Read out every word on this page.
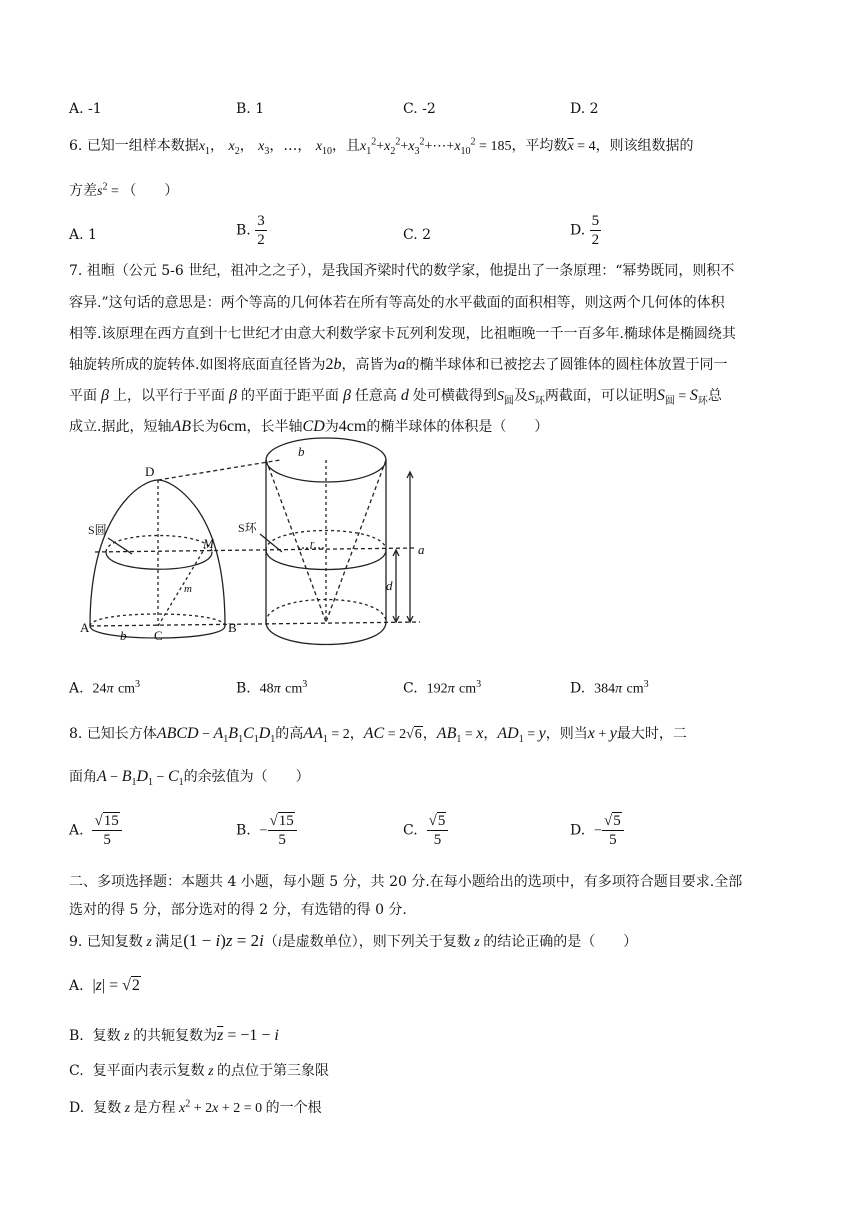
A. -1	B. 1	C. -2	D. 2
6. 已知一组样本数据$x_1$， $x_2$， $x_3$，…， $x_{10}$，且$x_1^2+x_2^2+x_3^2+\cdots+x_{10}^2 = 185$，平均数$\overline{x} = 4$，则该组数据的
方差$s^2$ = （　　）
A. 1	B. $\frac{3}{2}$	C. 2	D. $\frac{5}{2}$
7. 祖暅（公元 5-6 世纪，祖冲之之子），是我国齐梁时代的数学家，他提出了一条原理：“幂势既同，则积不
容异.”这句话的意思是：两个等高的几何体若在所有等高处的水平截面的面积相等，则这两个几何体的体积
相等.该原理在西方直到十七世纪才由意大利数学家卡瓦列利发现，比祖暅晚一千一百多年.椭球体是椭圆绕其
轴旋转所成的旋转体.如图将底面直径皆为2b，高皆为a的椭半球体和已被挖去了圆锥体的圆柱体放置于同一
平面 β 上，以平行于平面 β 的平面于距平面 β 任意高 d 处可横截得到$S_圆$及$S_环$两截面，可以证明$S_圆 = S_环$总
成立.据此，短轴AB长为6cm，长半轴CD为4cm的椭半球体的体积是（　　）
D
A	B
C
M
m
b
b
r	a
d
S圆	S环
A.  24π $cm^3$	B.  48π $cm^3$	C.  192π $cm^3$	D.  384π $cm^3$
8. 已知长方体ABCD − $A_1B_1C_1D_1$的高$AA_1 = 2$，AC = 2√6，$AB_1 = x$，$AD_1 = y$，则当x + y最大时，二
面角$A - B_1D_1 - C_1$的余弦值为（　　）
A. $\frac{√15}{5}$	B.  − $\frac{√15}{5}$	C. $\frac{√5}{5}$	D.  − $\frac{√5}{5}$
二、多项选择题：本题共 4 小题，每小题 5 分，共 20 分.在每小题给出的选项中，有多项符合题目要求.全部
选对的得 5 分，部分选对的得 2 分，有选错的得 0 分.
9. 已知复数 z 满足(1 − i)z = 2i（i是虚数单位），则下列关于复数 z 的结论正确的是（　　）
A.  |z| = √2
B.  复数 z 的共轭复数为$\overline{z} = -1 - i$
C.  复平面内表示复数 z 的点位于第三象限
D.  复数 z 是方程 $x^2 + 2x + 2 = 0$ 的一个根
